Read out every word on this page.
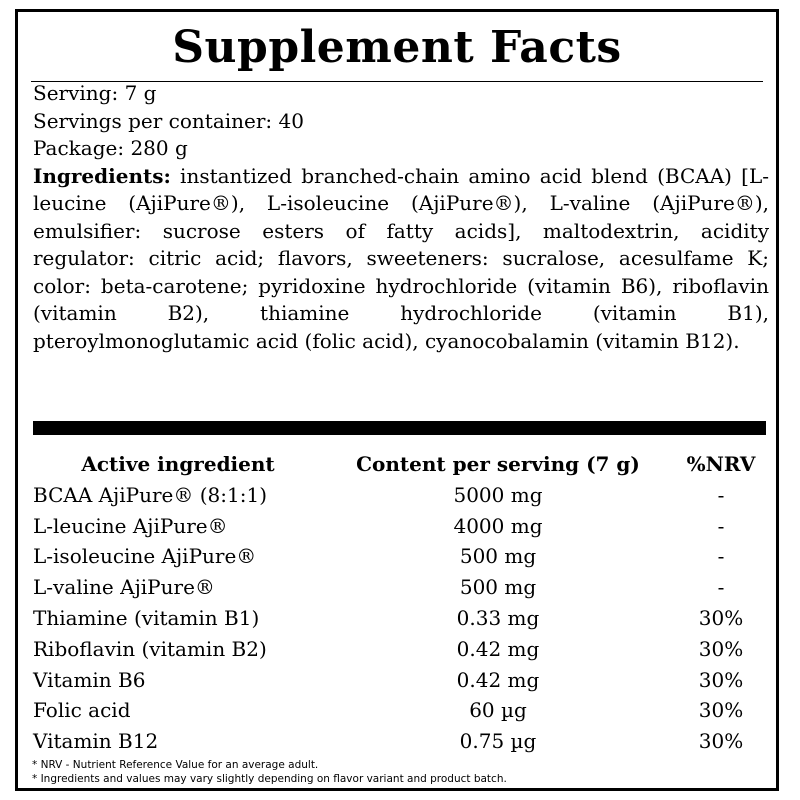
Supplement Facts
Serving: 7 g
Servings per container: 40
Package: 280 g
Ingredients: instantized branched-chain amino acid blend (BCAA) [L-leucine (AjiPure®), L-isoleucine (AjiPure®), L-valine (AjiPure®), emulsifier: sucrose esters of fatty acids], maltodextrin, acidity regulator: citric acid; flavors, sweeteners: sucralose, acesulfame K; color: beta-carotene; pyridoxine hydrochloride (vitamin B6), riboflavin (vitamin B2), thiamine hydrochloride (vitamin B1), pteroylmonoglutamic acid (folic acid), cyanocobalamin (vitamin B12).
Active ingredient	Content per serving (7 g)	%NRV
BCAA AjiPure® (8:1:1)	5000 mg	-
L-leucine AjiPure®	4000 mg	-
L-isoleucine AjiPure®	500 mg	-
L-valine AjiPure®	500 mg	-
Thiamine (vitamin B1)	0.33 mg	30%
Riboflavin (vitamin B2)	0.42 mg	30%
Vitamin B6	0.42 mg	30%
Folic acid	60 µg	30%
Vitamin B12	0.75 µg	30%
* NRV - Nutrient Reference Value for an average adult.
* Ingredients and values may vary slightly depending on flavor variant and product batch.
